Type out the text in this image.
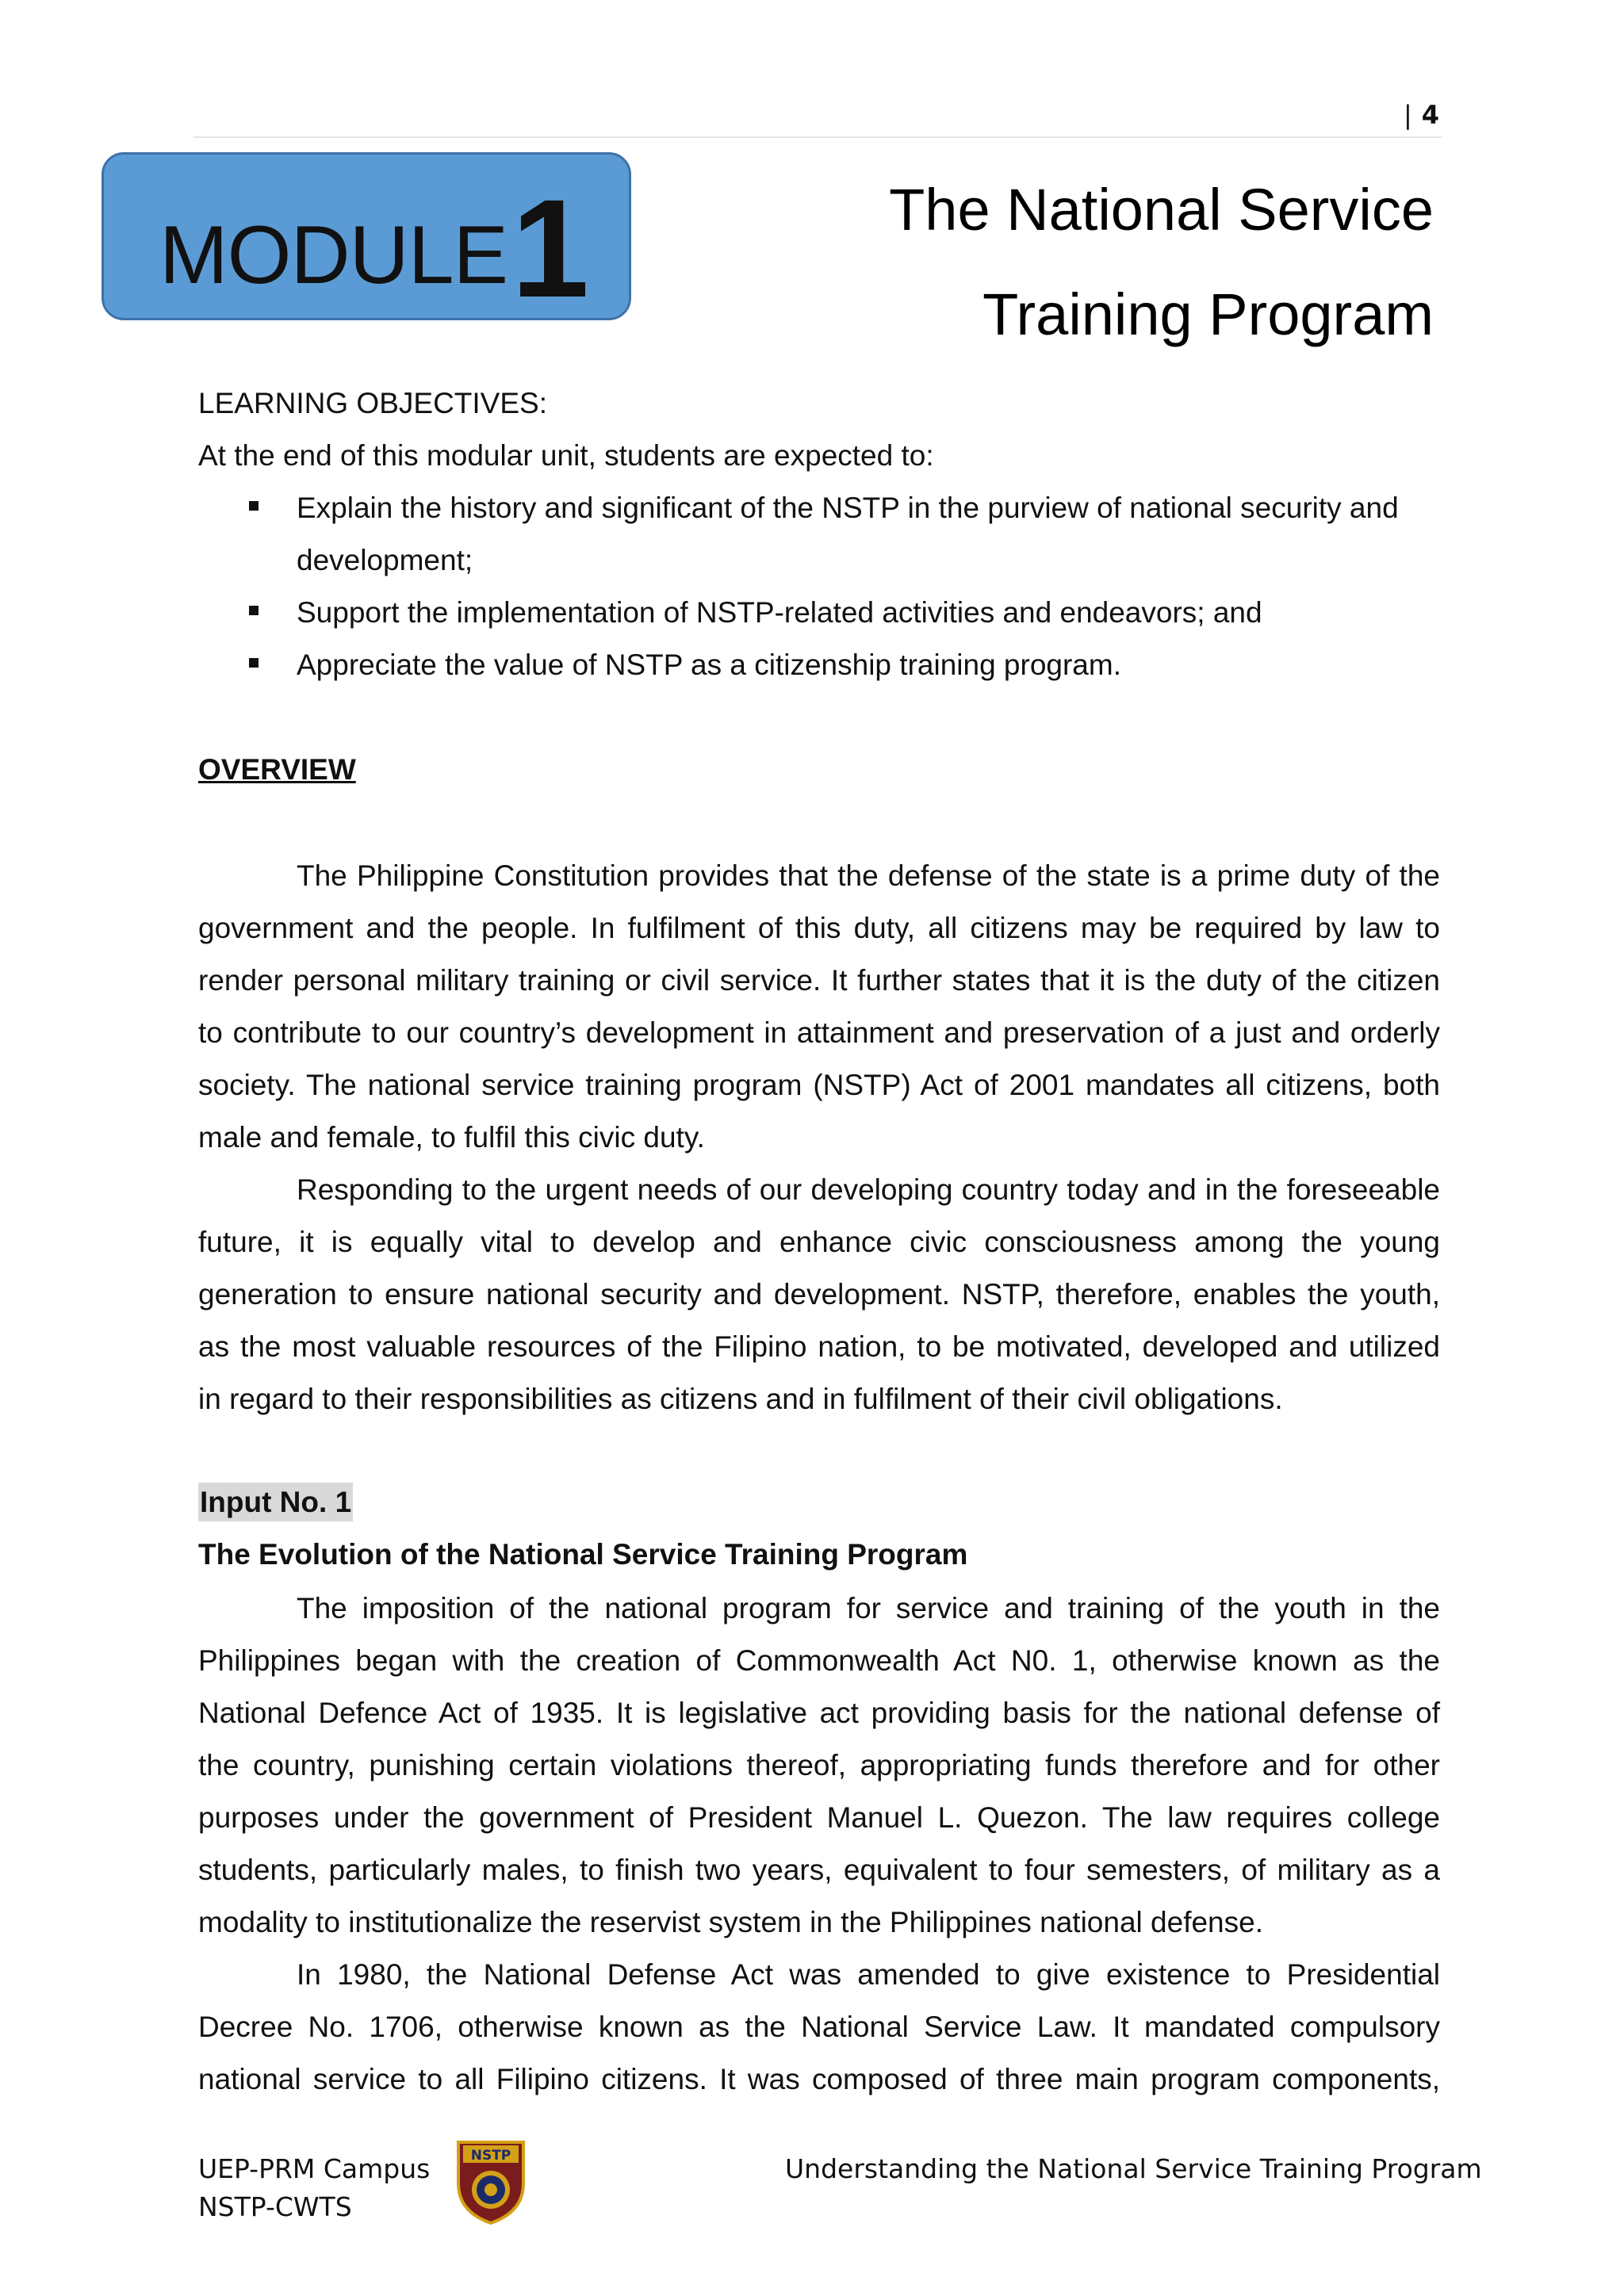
| 4
MODULE 1	The National Service
Training Program
LEARNING OBJECTIVES:
At the end of this modular unit, students are expected to:
Explain the history and significant of the NSTP in the purview of national security and
development;
Support the implementation of NSTP-related activities and endeavors; and
Appreciate the value of NSTP as a citizenship training program.
OVERVIEW
The Philippine Constitution provides that the defense of the state is a prime duty of the
government and the people. In fulfilment of this duty, all citizens may be required by law to
render personal military training or civil service. It further states that it is the duty of the citizen
to contribute to our country’s development in attainment and preservation of a just and orderly
society. The national service training program (NSTP) Act of 2001 mandates all citizens, both
male and female, to fulfil this civic duty.
Responding to the urgent needs of our developing country today and in the foreseeable
future, it is equally vital to develop and enhance civic consciousness among the young
generation to ensure national security and development. NSTP, therefore, enables the youth,
as the most valuable resources of the Filipino nation, to be motivated, developed and utilized
in regard to their responsibilities as citizens and in fulfilment of their civil obligations.
Input No. 1
The Evolution of the National Service Training Program
The imposition of the national program for service and training of the youth in the
Philippines began with the creation of Commonwealth Act N0. 1, otherwise known as the
National Defence Act of 1935. It is legislative act providing basis for the national defense of
the country, punishing certain violations thereof, appropriating funds therefore and for other
purposes under the government of President Manuel L. Quezon. The law requires college
students, particularly males, to finish two years, equivalent to four semesters, of military as a
modality to institutionalize the reservist system in the Philippines national defense.
In 1980, the National Defense Act was amended to give existence to Presidential
Decree No. 1706, otherwise known as the National Service Law. It mandated compulsory
national service to all Filipino citizens. It was composed of three main program components,
UEP-PRM Campus
NSTP-CWTS
NSTP	Understanding the National Service Training Program
